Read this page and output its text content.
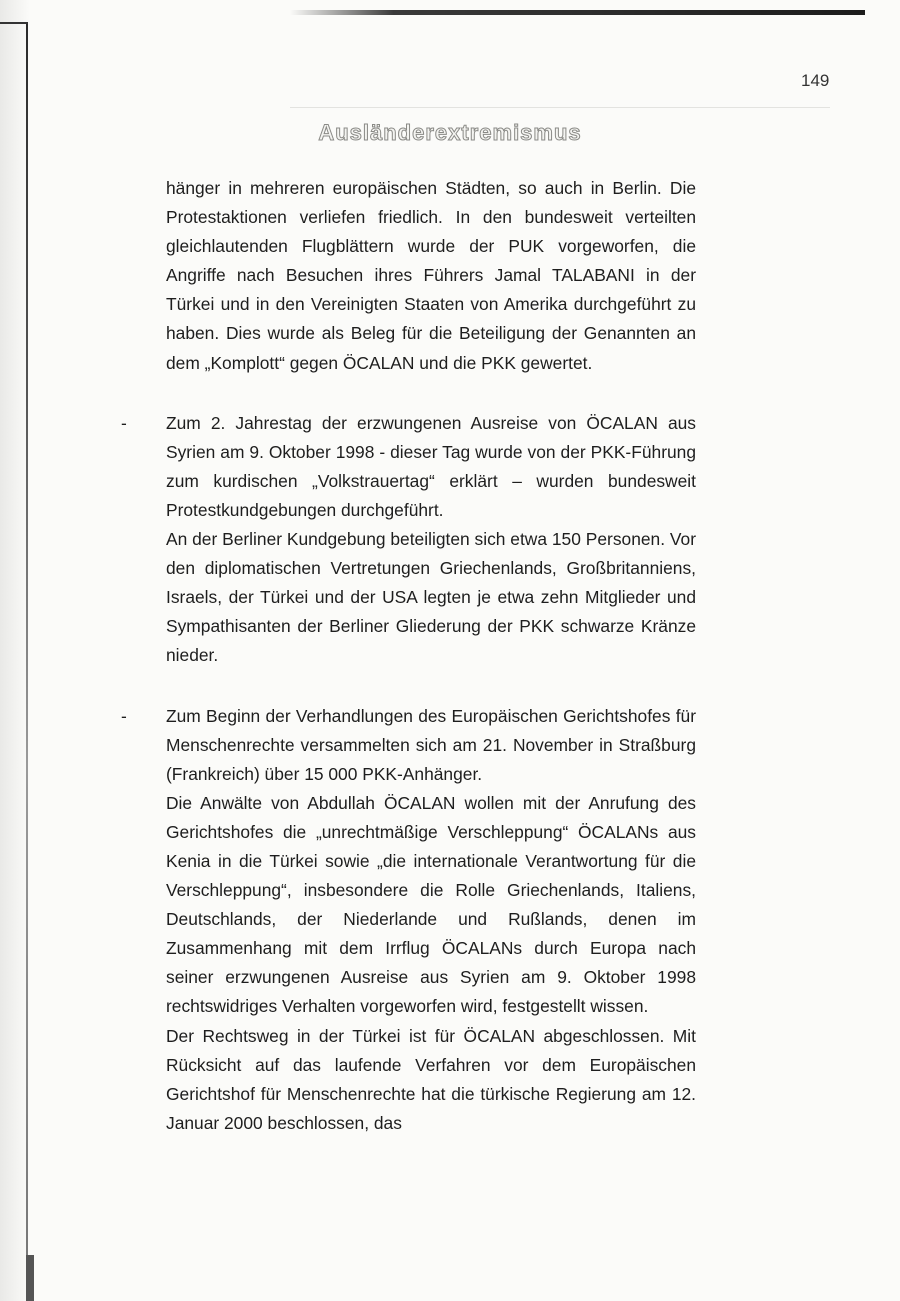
149
Ausländerextremismus

hänger in mehreren europäischen Städten, so auch in Berlin. Die Protestaktionen verliefen friedlich. In den bundesweit verteilten gleichlautenden Flugblättern wurde der PUK vorgeworfen, die Angriffe nach Besuchen ihres Führers Jamal TALABANI in der Türkei und in den Vereinigten Staaten von Amerika durchgeführt zu haben. Dies wurde als Beleg für die Beteiligung der Genannten an dem „Komplott“ gegen ÖCALAN und die PKK gewertet.

- Zum 2. Jahrestag der erzwungenen Ausreise von ÖCALAN aus Syrien am 9. Oktober 1998 - dieser Tag wurde von der PKK-Führung zum kurdischen „Volkstrauertag“ erklärt – wurden bundesweit Protestkundgebungen durchgeführt.

An der Berliner Kundgebung beteiligten sich etwa 150 Personen. Vor den diplomatischen Vertretungen Griechenlands, Großbritanniens, Israels, der Türkei und der USA legten je etwa zehn Mitglieder und Sympathisanten der Berliner Gliederung der PKK schwarze Kränze nieder.

- Zum Beginn der Verhandlungen des Europäischen Gerichtshofes für Menschenrechte versammelten sich am 21. November in Straßburg (Frankreich) über 15 000 PKK-Anhänger.

Die Anwälte von Abdullah ÖCALAN wollen mit der Anrufung des Gerichtshofes die „unrechtmäßige Verschleppung“ ÖCALANs aus Kenia in die Türkei sowie „die internationale Verantwortung für die Verschleppung“, insbesondere die Rolle Griechenlands, Italiens, Deutschlands, der Niederlande und Rußlands, denen im Zusammenhang mit dem Irrflug ÖCALANs durch Europa nach seiner erzwungenen Ausreise aus Syrien am 9. Oktober 1998 rechtswidriges Verhalten vorgeworfen wird, festgestellt wissen.

Der Rechtsweg in der Türkei ist für ÖCALAN abgeschlossen. Mit Rücksicht auf das laufende Verfahren vor dem Europäischen Gerichtshof für Menschenrechte hat die türkische Regierung am 12. Januar 2000 beschlossen, das
